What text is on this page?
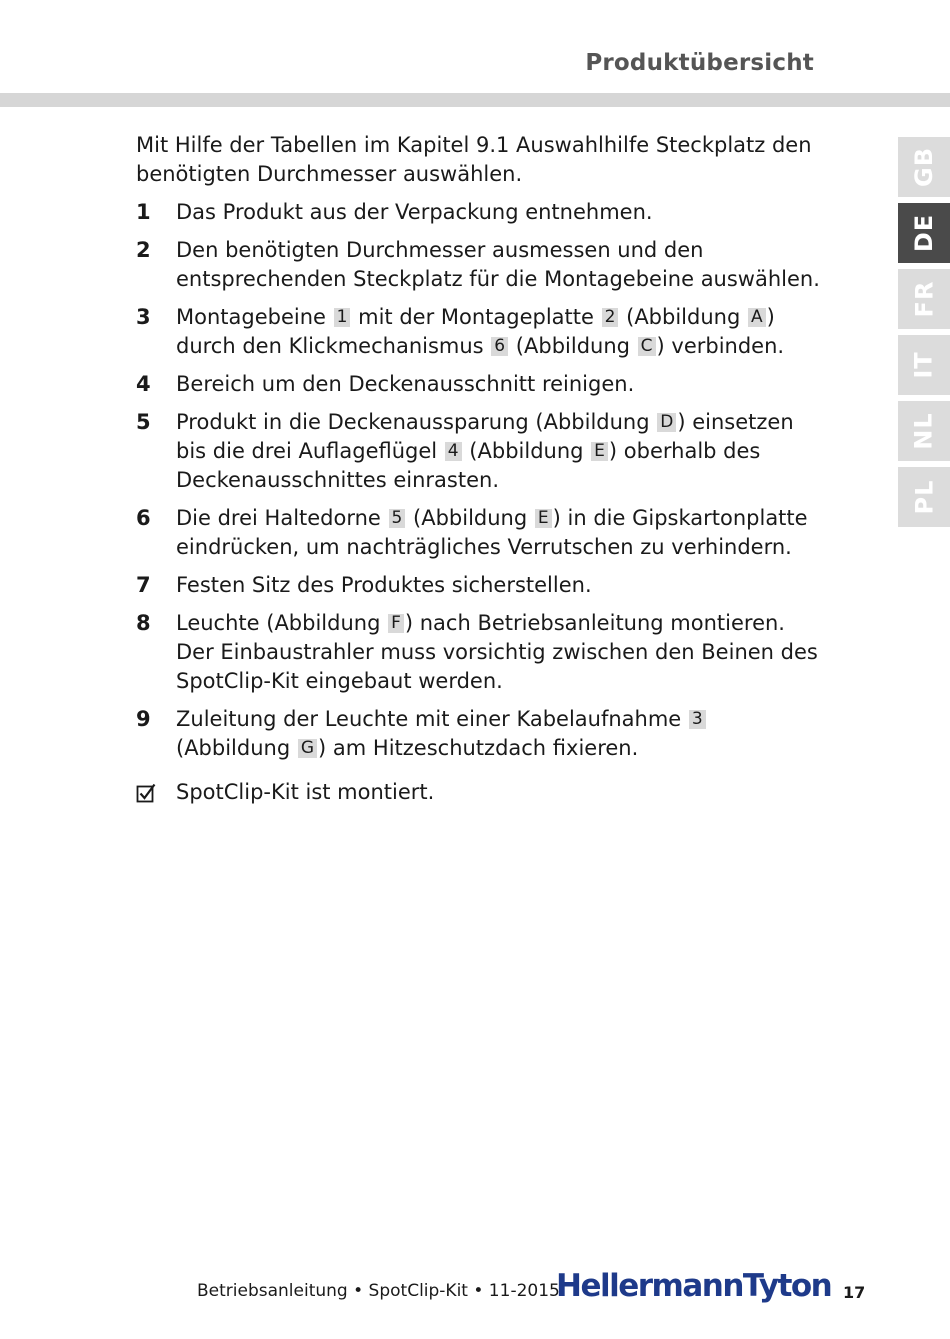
Produktübersicht
GB
DE
FR
IT
NL
PL

Mit Hilfe der Tabellen im Kapitel 9.1 Auswahlhilfe Steckplatz den benötigten Durchmesser auswählen.

1	Das Produkt aus der Verpackung entnehmen.
2	Den benötigten Durchmesser ausmessen und den entsprechenden Steckplatz für die Montagebeine auswählen.
3	Montagebeine 1 mit der Montageplatte 2 (Abbildung A ) durch den Klickmechanismus 6 (Abbildung C ) verbinden.
4	Bereich um den Deckenausschnitt reinigen.
5	Produkt in die Deckenaussparung (Abbildung D ) einsetzen bis die drei Auflageflügel 4 (Abbildung E ) oberhalb des Deckenausschnittes einrasten.
6	Die drei Haltedorne 5 (Abbildung E ) in die Gipskartonplatte eindrücken, um nachträgliches Verrutschen zu verhindern.
7	Festen Sitz des Produktes sicherstellen.
8	Leuchte (Abbildung F ) nach Betriebsanleitung montieren. Der Einbaustrahler muss vorsichtig zwischen den Beinen des SpotClip-Kit eingebaut werden.
9	Zuleitung der Leuchte mit einer Kabelaufnahme 3 (Abbildung G ) am Hitzeschutzdach fixieren.
SpotClip-Kit ist montiert.
Betriebsanleitung • SpotClip-Kit • 11-2015
HellermannTyton 17
